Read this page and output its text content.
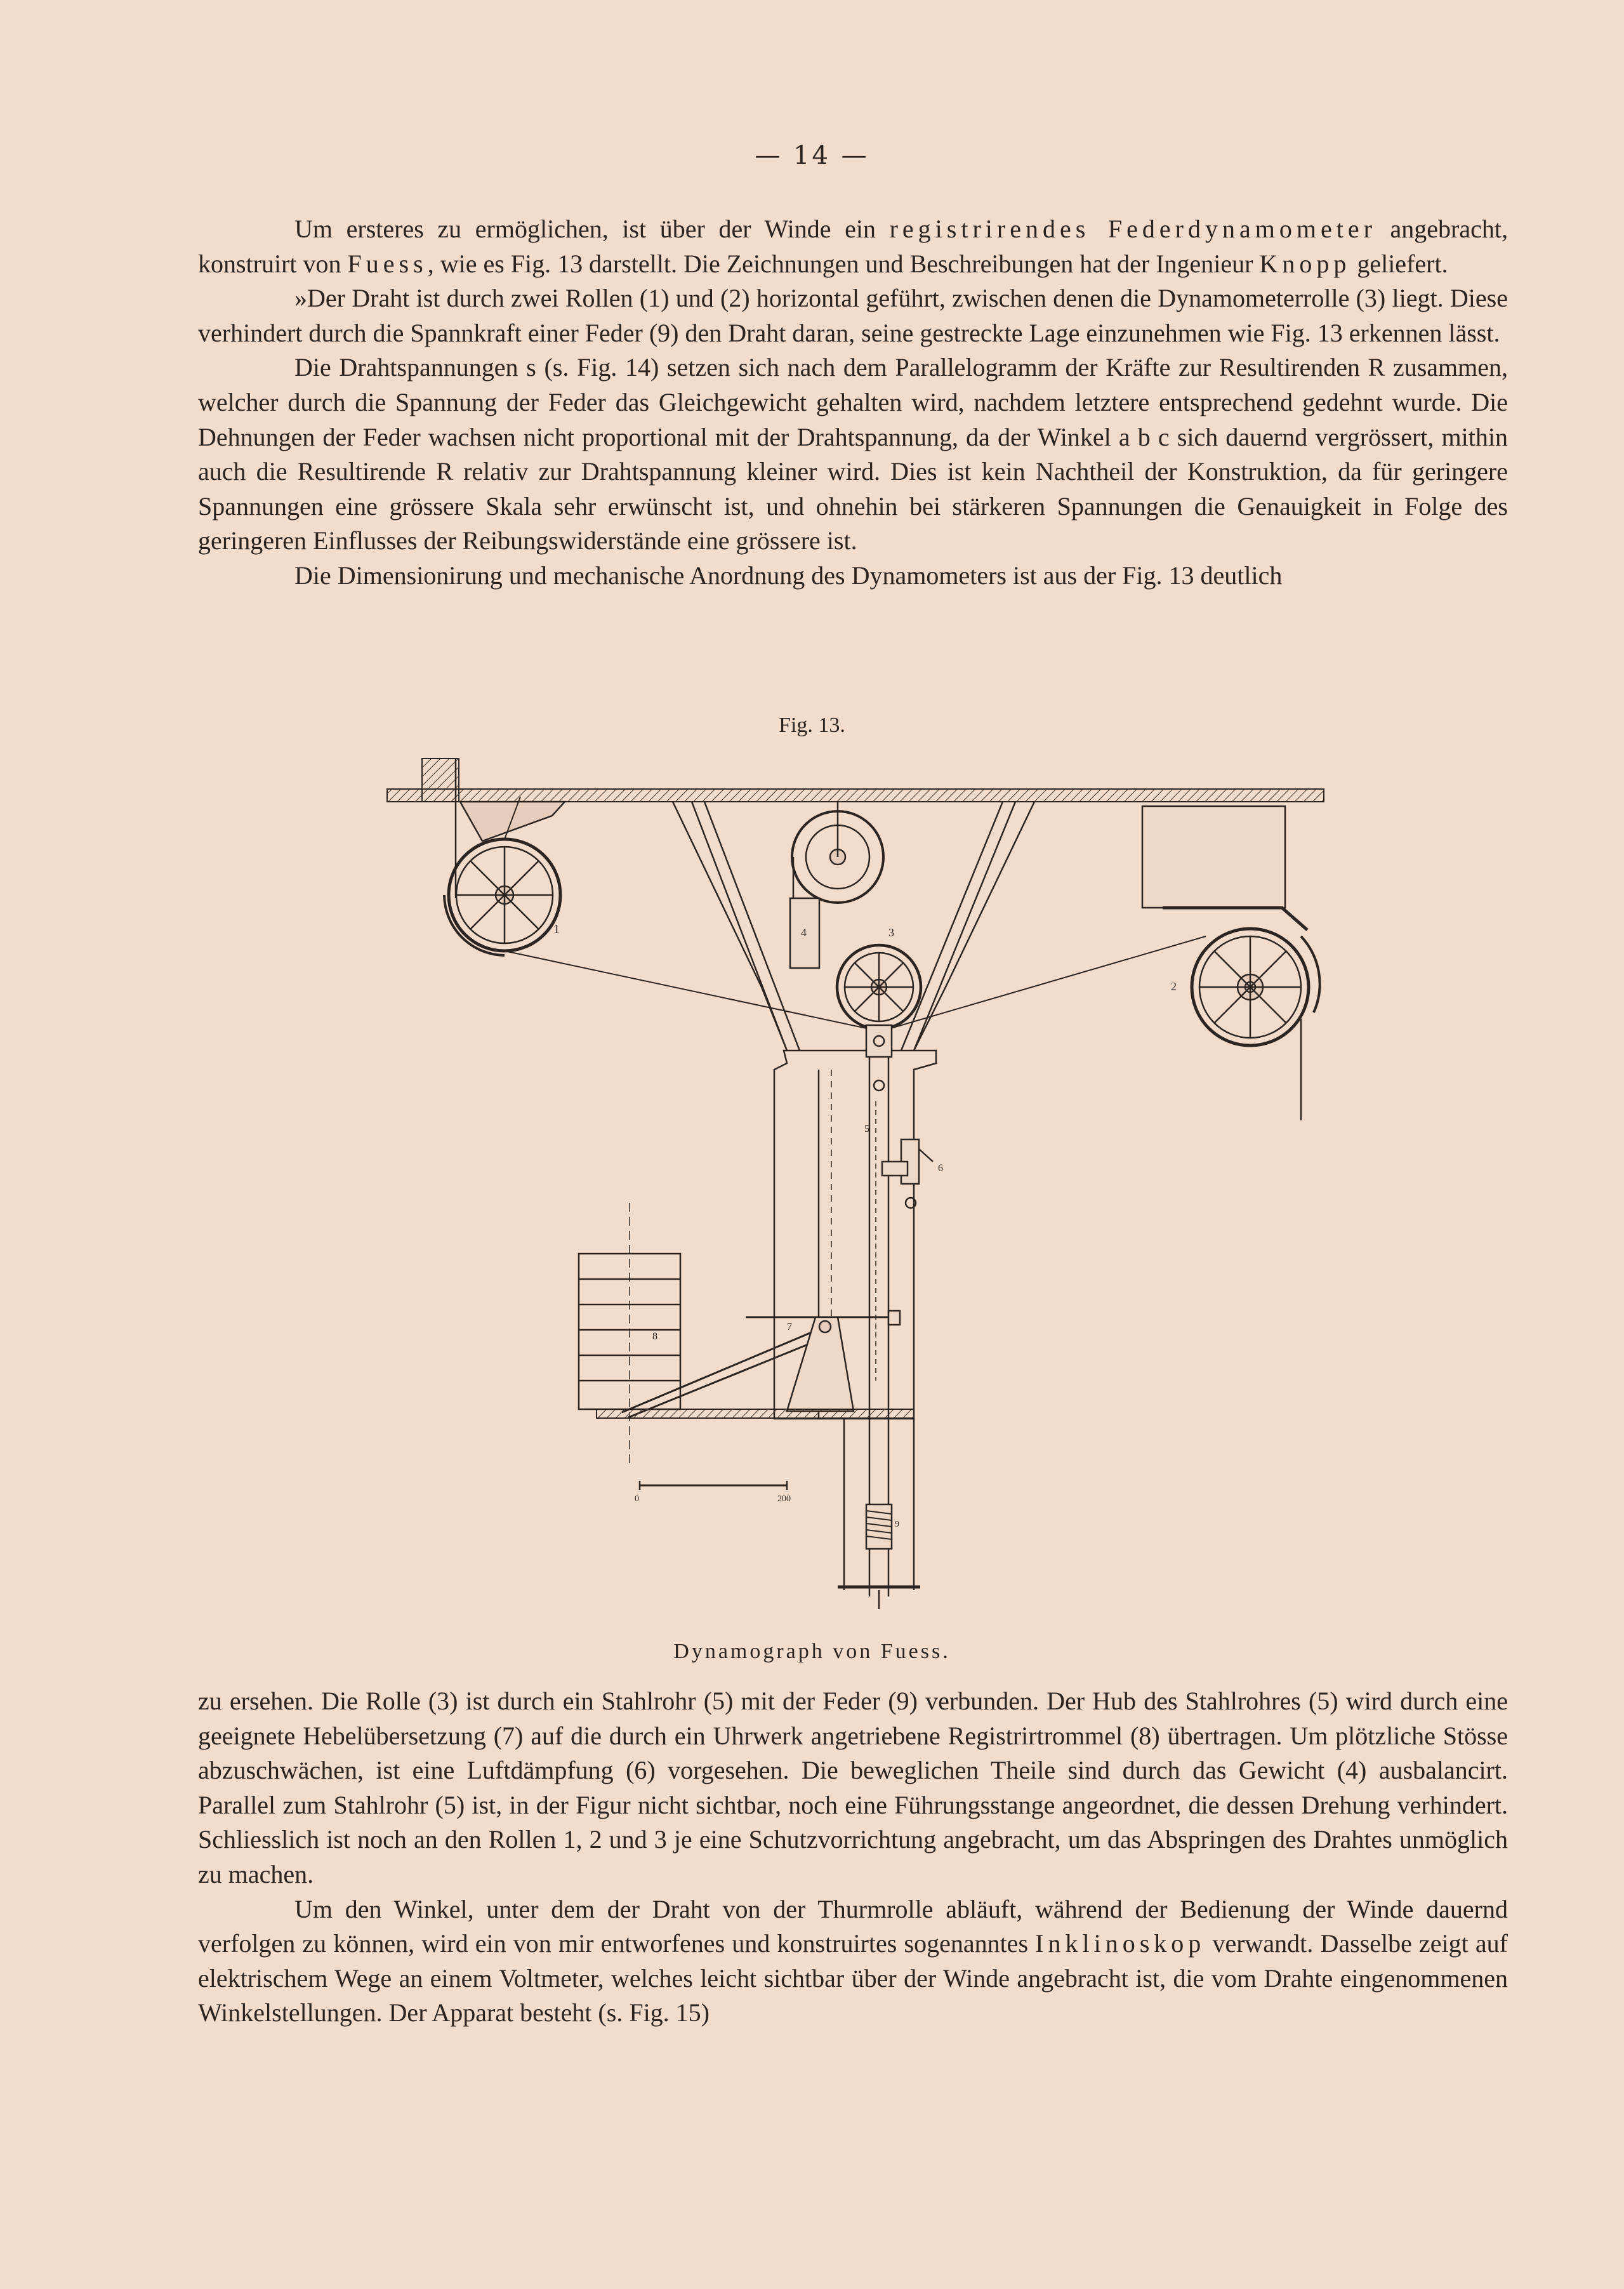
— 14 —

Um ersteres zu ermöglichen, ist über der Winde ein registrirendes Federdynamometer angebracht, konstruirt von Fuess, wie es Fig. 13 darstellt. Die Zeichnungen und Beschreibungen hat der Ingenieur Knopp geliefert.

»Der Draht ist durch zwei Rollen (1) und (2) horizontal geführt, zwischen denen die Dynamometerrolle (3) liegt. Diese verhindert durch die Spannkraft einer Feder (9) den Draht daran, seine gestreckte Lage einzunehmen wie Fig. 13 erkennen lässt.

Die Drahtspannungen s (s. Fig. 14) setzen sich nach dem Parallelogramm der Kräfte zur Resultirenden R zusammen, welcher durch die Spannung der Feder das Gleichgewicht gehalten wird, nachdem letztere entsprechend gedehnt wurde. Die Dehnungen der Feder wachsen nicht proportional mit der Drahtspannung, da der Winkel a b c sich dauernd vergrössert, mithin auch die Resultirende R relativ zur Drahtspannung kleiner wird. Dies ist kein Nachtheil der Konstruktion, da für geringere Spannungen eine grössere Skala sehr erwünscht ist, und ohnehin bei stärkeren Spannungen die Genauigkeit in Folge des geringeren Einflusses der Reibungswiderstände eine grössere ist.

Die Dimensionirung und mechanische Anordnung des Dynamometers ist aus der Fig. 13 deutlich

Fig. 13.
1	4
2
3
5
6
8
7
9
0	200
Dynamograph von Fuess.

zu ersehen. Die Rolle (3) ist durch ein Stahlrohr (5) mit der Feder (9) verbunden. Der Hub des Stahlrohres (5) wird durch eine geeignete Hebelübersetzung (7) auf die durch ein Uhrwerk angetriebene Registrirtrommel (8) übertragen. Um plötzliche Stösse abzuschwächen, ist eine Luftdämpfung (6) vorgesehen. Die beweglichen Theile sind durch das Gewicht (4) ausbalancirt. Parallel zum Stahlrohr (5) ist, in der Figur nicht sichtbar, noch eine Führungsstange angeordnet, die dessen Drehung verhindert. Schliesslich ist noch an den Rollen 1, 2 und 3 je eine Schutzvorrichtung angebracht, um das Abspringen des Drahtes unmöglich zu machen.

Um den Winkel, unter dem der Draht von der Thurmrolle abläuft, während der Bedienung der Winde dauernd verfolgen zu können, wird ein von mir entworfenes und konstruirtes sogenanntes Inklinoskop verwandt. Dasselbe zeigt auf elektrischem Wege an einem Voltmeter, welches leicht sichtbar über der Winde angebracht ist, die vom Drahte eingenommenen Winkelstellungen. Der Apparat besteht (s. Fig. 15)
